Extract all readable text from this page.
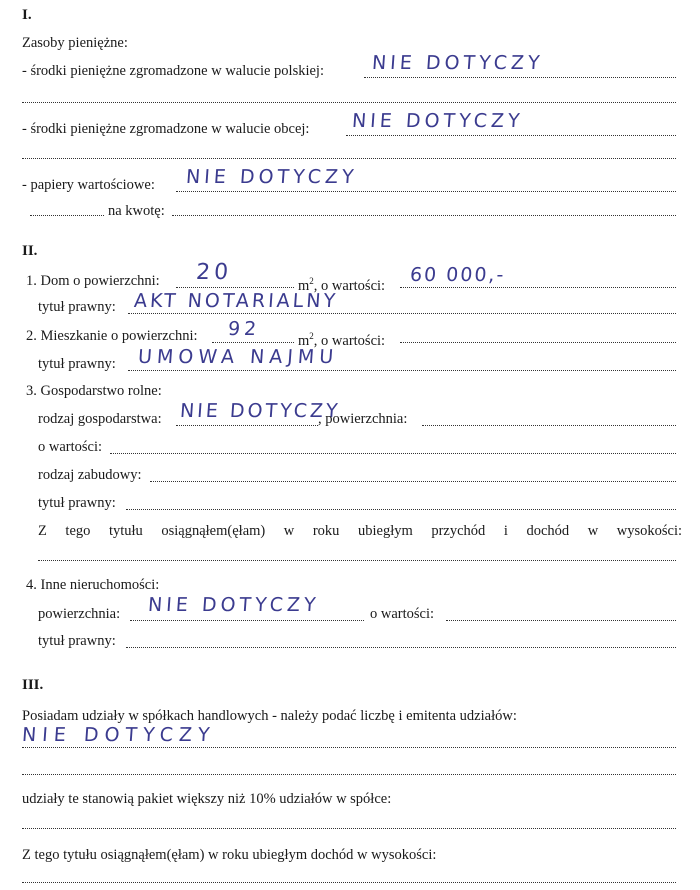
I.
Zasoby pieniężne:
- środki pieniężne zgromadzone w walucie polskiej: NIE DOTYCZY
- środki pieniężne zgromadzone w walucie obcej: NIE DOTYCZY
- papiery wartościowe: NIE DOTYCZY
na kwotę:
II.
1. Dom o powierzchni: 20
$m^2$, o wartości: 60 000,-
tytuł prawny: AKT NOTARIALNY
2. Mieszkanie o powierzchni: 92
$m^2$, o wartości:
tytuł prawny: UMOWA NAJMU
3. Gospodarstwo rolne:
rodzaj gospodarstwa: NIE DOTYCZY
, powierzchnia:
o wartości:
rodzaj zabudowy:
tytuł prawny:
Z tego tytułu osiągnąłem(ęłam) w roku ubiegłym przychód i dochód w wysokości:
4. Inne nieruchomości:
powierzchnia: NIE DOTYCZY	o wartości:
tytuł prawny:
III.
Posiadam udziały w spółkach handlowych - należy podać liczbę i emitenta udziałów:
NIE DOTYCZY
udziały te stanowią pakiet większy niż 10% udziałów w spółce:
Z tego tytułu osiągnąłem(ęłam) w roku ubiegłym dochód w wysokości:
